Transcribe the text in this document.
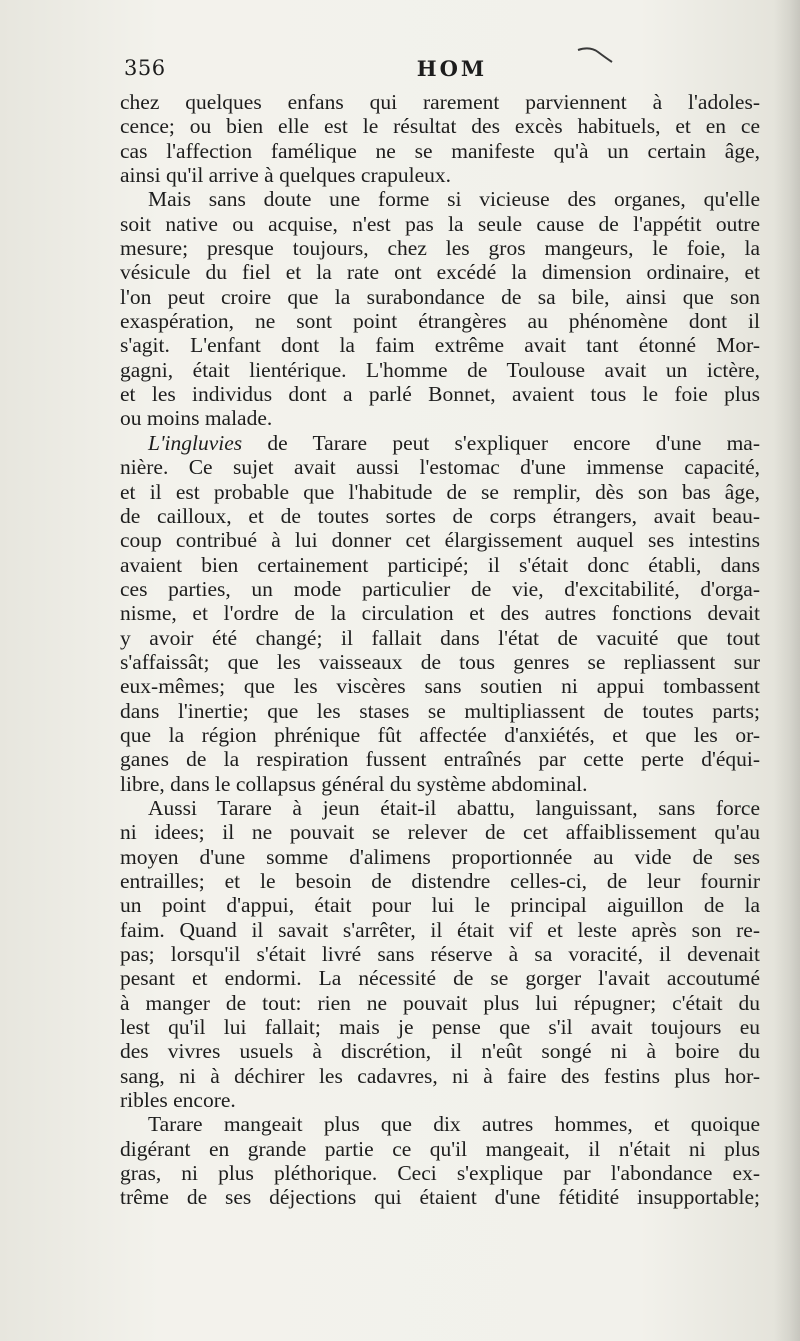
356	HOM
chez quelques enfans qui rarement parviennent à l'adoles-
cence; ou bien elle est le résultat des excès habituels, et en ce
cas l'affection famélique ne se manifeste qu'à un certain âge,
ainsi qu'il arrive à quelques crapuleux.
Mais sans doute une forme si vicieuse des organes, qu'elle
soit native ou acquise, n'est pas la seule cause de l'appétit outre
mesure; presque toujours, chez les gros mangeurs, le foie, la
vésicule du fiel et la rate ont excédé la dimension ordinaire, et
l'on peut croire que la surabondance de sa bile, ainsi que son
exaspération, ne sont point étrangères au phénomène dont il
s'agit. L'enfant dont la faim extrême avait tant étonné Mor-
gagni, était lientérique. L'homme de Toulouse avait un ictère,
et les individus dont a parlé Bonnet, avaient tous le foie plus
ou moins malade.
L'ingluvies de Tarare peut s'expliquer encore d'une ma-
nière. Ce sujet avait aussi l'estomac d'une immense capacité,
et il est probable que l'habitude de se remplir, dès son bas âge,
de cailloux, et de toutes sortes de corps étrangers, avait beau-
coup contribué à lui donner cet élargissement auquel ses intestins
avaient bien certainement participé; il s'était donc établi, dans
ces parties, un mode particulier de vie, d'excitabilité, d'orga-
nisme, et l'ordre de la circulation et des autres fonctions devait
y avoir été changé; il fallait dans l'état de vacuité que tout
s'affaissât; que les vaisseaux de tous genres se repliassent sur
eux-mêmes; que les viscères sans soutien ni appui tombassent
dans l'inertie; que les stases se multipliassent de toutes parts;
que la région phrénique fût affectée d'anxiétés, et que les or-
ganes de la respiration fussent entraînés par cette perte d'équi-
libre, dans le collapsus général du système abdominal.
Aussi Tarare à jeun était-il abattu, languissant, sans force
ni idees; il ne pouvait se relever de cet affaiblissement qu'au
moyen d'une somme d'alimens proportionnée au vide de ses
entrailles; et le besoin de distendre celles-ci, de leur fournir
un point d'appui, était pour lui le principal aiguillon de la
faim. Quand il savait s'arrêter, il était vif et leste après son re-
pas; lorsqu'il s'était livré sans réserve à sa voracité, il devenait
pesant et endormi. La nécessité de se gorger l'avait accoutumé
à manger de tout: rien ne pouvait plus lui répugner; c'était du
lest qu'il lui fallait; mais je pense que s'il avait toujours eu
des vivres usuels à discrétion, il n'eût songé ni à boire du
sang, ni à déchirer les cadavres, ni à faire des festins plus hor-
ribles encore.
Tarare mangeait plus que dix autres hommes, et quoique
digérant en grande partie ce qu'il mangeait, il n'était ni plus
gras, ni plus pléthorique. Ceci s'explique par l'abondance ex-
trême de ses déjections qui étaient d'une fétidité insupportable;
